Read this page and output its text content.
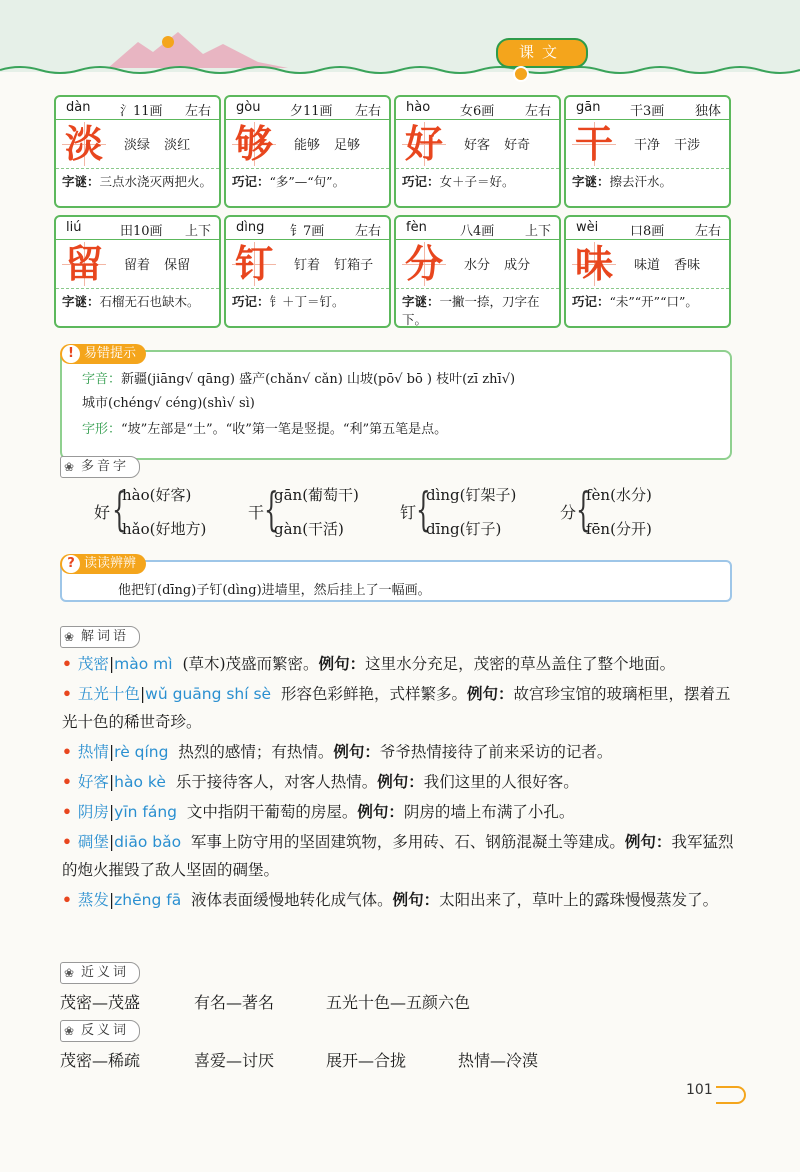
课文
dàn 氵11画 左右
淡 淡绿 淡红
字谜：三点水浇灭两把火。
gòu 夕11画 左右
够 能够 足够
巧记：“多”—“句”。
hào 女6画 左右
好 好客 好奇
巧记：女＋子＝好。
gān 干3画 独体
干 干净 干涉
字谜：擦去汗水。
liú	田10画 上下
留 留着 保留
字谜：石榴无石也缺木。
dìng 钅7画 左右
钉 钉着 钉箱子
巧记：钅＋丁＝钉。
fèn	八4画 上下
分 水分 成分
字谜：一撇一捺，刀字在下。
wèi 口8画 左右
味 味道 香味
巧记：“未”“开”“口”。
! 易错提示
字音：新疆(jiāng√ qāng) 盛产(chǎn√ cǎn) 山坡(pō√ bō ) 枝叶(zī zhī√)
城市(chéng√ céng)(shì√ sì)
字形：“坡”左部是“土”。“收”第一笔是竖提。“利”第五笔是点。
❀ 多音字
好 {
hào(好客)
hǎo(好地方)
干 {
gān(葡萄干)
gàn(干活)
钉 {
dìng(钉架子)
dīng(钉子)
分 {
fèn(水分)
fēn(分开)
? 读读辨辨
他把钉(dīng)子钉(dìng)进墙里，然后挂上了一幅画。
❀ 解词语
• 茂密|mào mì (草木)茂盛而繁密。例句：这里水分充足，茂密的草丛盖住了整个地面。
• 五光十色|wǔ guāng shí sè 形容色彩鲜艳，式样繁多。例句：故宫珍宝馆的玻璃柜里，摆着五光十色的稀世奇珍。
• 热情|rè qíng 热烈的感情；有热情。例句：爷爷热情接待了前来采访的记者。
• 好客|hào kè 乐于接待客人，对客人热情。例句：我们这里的人很好客。
• 阴房|yīn fáng 文中指阴干葡萄的房屋。例句：阴房的墙上布满了小孔。
• 碉堡|diāo bǎo 军事上防守用的坚固建筑物，多用砖、石、钢筋混凝土等建成。例句：我军猛烈的炮火摧毁了敌人坚固的碉堡。
• 蒸发|zhēng fā 液体表面缓慢地转化成气体。例句：太阳出来了，草叶上的露珠慢慢蒸发了。
❀ 近义词
茂密—茂盛	有名—著名	五光十色—五颜六色
❀ 反义词
茂密—稀疏	喜爱—讨厌	展开—合拢	热情—冷漠
101
